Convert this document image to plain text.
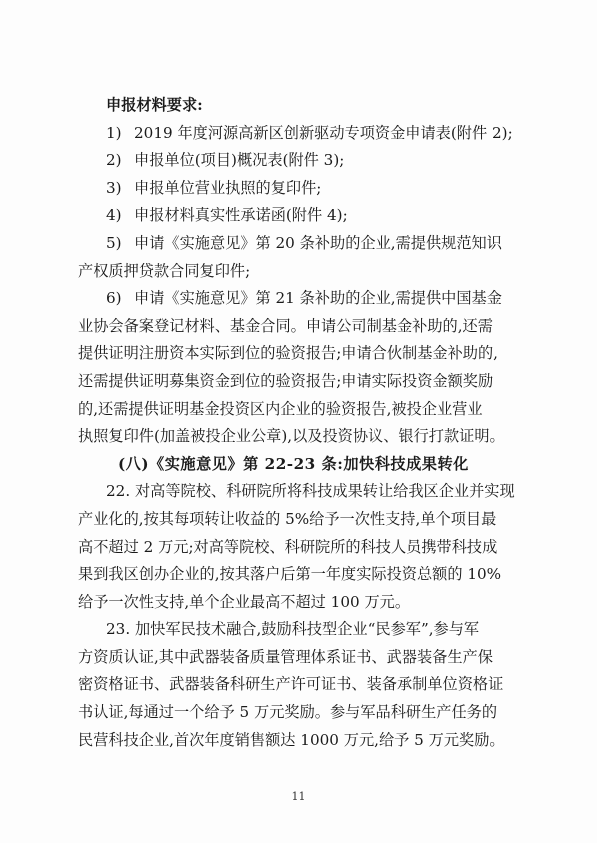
申报材料要求:
1) 2019 年度河源高新区创新驱动专项资金申请表(附件 2);
2) 申报单位(项目)概况表(附件 3);
3) 申报单位营业执照的复印件;
4) 申报材料真实性承诺函(附件 4);
5) 申请《实施意见》第 20 条补助的企业,需提供规范知识
产权质押贷款合同复印件;
6) 申请《实施意见》第 21 条补助的企业,需提供中国基金
业协会备案登记材料、基金合同。申请公司制基金补助的,还需
提供证明注册资本实际到位的验资报告;申请合伙制基金补助的,
还需提供证明募集资金到位的验资报告;申请实际投资金额奖励
的,还需提供证明基金投资区内企业的验资报告,被投企业营业
执照复印件(加盖被投企业公章),以及投资协议、银行打款证明。
(八)《实施意见》第 22-23 条:加快科技成果转化
22. 对高等院校、科研院所将科技成果转让给我区企业并实现
产业化的,按其每项转让收益的 5%给予一次性支持,单个项目最
高不超过 2 万元;对高等院校、科研院所的科技人员携带科技成
果到我区创办企业的,按其落户后第一年度实际投资总额的 10%
给予一次性支持,单个企业最高不超过 100 万元。
23. 加快军民技术融合,鼓励科技型企业“民参军”,参与军
方资质认证,其中武器装备质量管理体系证书、武器装备生产保
密资格证书、武器装备科研生产许可证书、装备承制单位资格证
书认证,每通过一个给予 5 万元奖励。参与军品科研生产任务的
民营科技企业,首次年度销售额达 1000 万元,给予 5 万元奖励。
11
